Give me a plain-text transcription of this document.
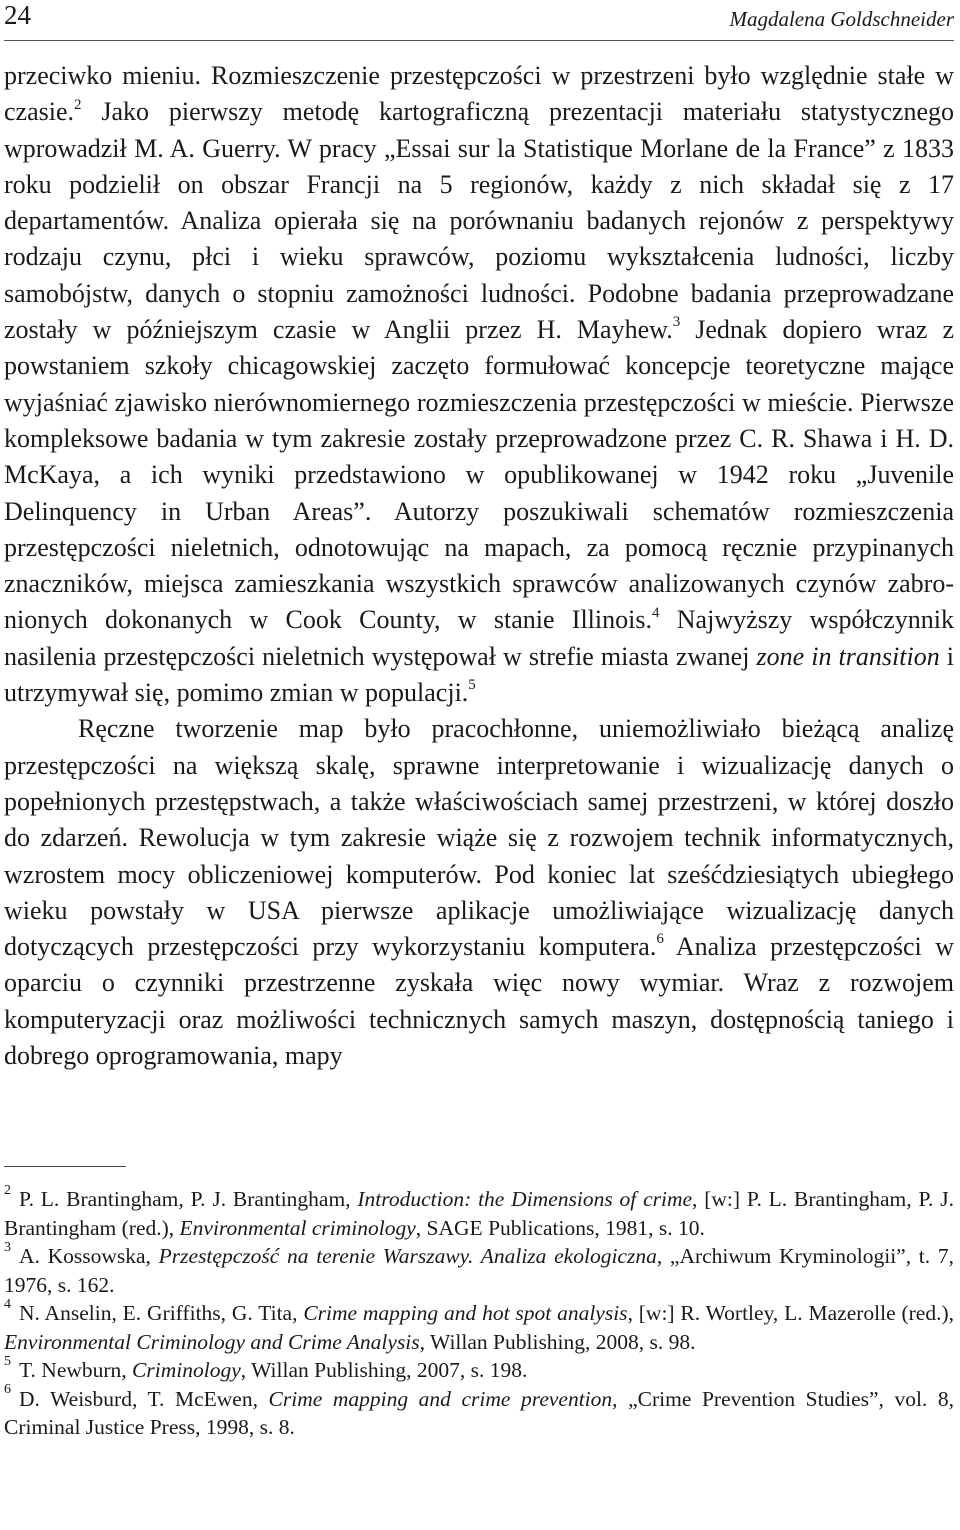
24	Magdalena Goldschneider

przeciwko mieniu. Rozmieszczenie przestępczości w przestrzeni było względnie stałe w czasie.$^2$ Jako pierwszy metodę kartograficzną prezentacji materiału statystycznego wprowadził M. A. Guerry. W pracy „Essai sur la Statistique Morlane de la France” z 1833 roku podzielił on obszar Francji na 5 regionów, każdy z nich składał się z 17 departamentów. Analiza opierała się na porównaniu badanych rejonów z perspektywy rodzaju czynu, płci i wieku sprawców, poziomu wykształcenia ludności, liczby samobójstw, danych o stopniu zamożności ludności. Podobne badania przeprowadzane zostały w późniejszym czasie w Anglii przez H. Mayhew.$^3$ Jednak dopiero wraz z powstaniem szkoły chicagowskiej zaczęto formułować koncepcje teoretyczne mające wyjaśniać zjawisko nierównomiernego rozmieszczenia przestępczości w mieście. Pierwsze kompleksowe badania w tym zakresie zostały przeprowadzone przez C. R. Shawa i H. D. McKaya, a ich wyniki przedstawiono w opublikowanej w 1942 roku „Juvenile Delinquency in Urban Areas”. Autorzy poszukiwali schematów rozmieszczenia przestępczości nieletnich, odnotowując na mapach, za pomocą ręcznie przypinanych znaczników, miejsca zamieszkania wszystkich sprawców analizowanych czynów zabronionych dokonanych w Cook County, w stanie Illinois.$^4$ Najwyższy współczynnik nasilenia przestępczości nieletnich występował w strefie miasta zwanej zone in transition i utrzymywał się, pomimo zmian w populacji.$^5$

Ręczne tworzenie map było pracochłonne, uniemożliwiało bieżącą analizę przestępczości na większą skalę, sprawne interpretowanie i wizualizację danych o popełnionych przestępstwach, a także właściwościach samej przestrzeni, w której doszło do zdarzeń. Rewolucja w tym zakresie wiąże się z rozwojem technik informatycznych, wzrostem mocy obliczeniowej komputerów. Pod koniec lat sześćdziesiątych ubiegłego wieku powstały w USA pierwsze aplikacje umożliwiające wizualizację danych dotyczących przestępczości przy wykorzystaniu komputera.$^6$ Analiza przestępczości w oparciu o czynniki przestrzenne zyskała więc nowy wymiar. Wraz z rozwojem komputeryzacji oraz możliwości technicznych samych maszyn, dostępnością taniego i dobrego oprogramowania, mapy

$^2$ P. L. Brantingham, P. J. Brantingham, Introduction: the Dimensions of crime, [w:] P. L. Brantingham, P. J. Brantingham (red.), Environmental criminology, SAGE Publications, 1981, s. 10.

$^3$ A. Kossowska, Przestępczość na terenie Warszawy. Analiza ekologiczna, „Archiwum Kryminologii”, t. 7, 1976, s. 162.

$^4$ N. Anselin, E. Griffiths, G. Tita, Crime mapping and hot spot analysis, [w:] R. Wortley, L. Mazerolle (red.), Environmental Criminology and Crime Analysis, Willan Publishing, 2008, s. 98.

$^5$ T. Newburn, Criminology, Willan Publishing, 2007, s. 198.

$^6$ D. Weisburd, T. McEwen, Crime mapping and crime prevention, „Crime Prevention Studies”, vol. 8, Criminal Justice Press, 1998, s. 8.
